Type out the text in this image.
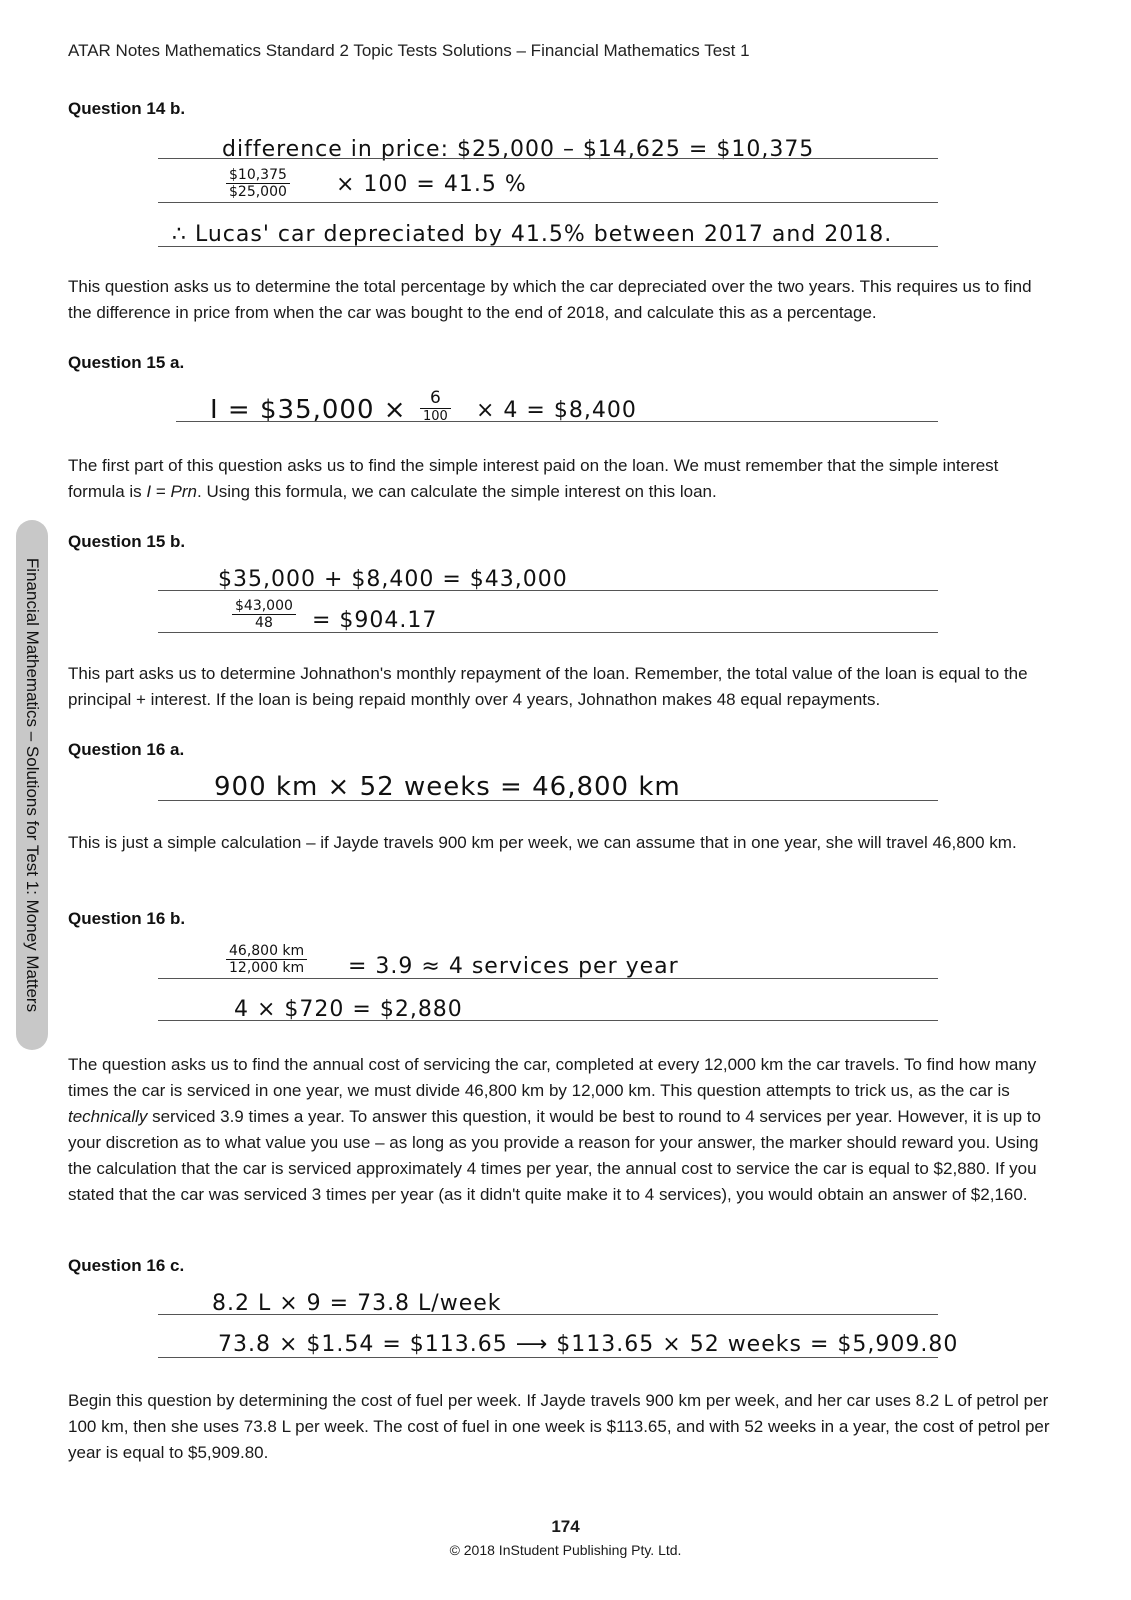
ATAR Notes Mathematics Standard 2 Topic Tests Solutions – Financial Mathematics Test 1
Financial Mathematics – Solutions for Test 1: Money Matters
Question 14 b.
difference in price: $25,000 – $14,625 = $10,375
$\frac{\$10,375}{\$25,000} \times 100 = 41.5$ %
∴ Lucas' car depreciated by 41.5% between 2017 and 2018.
This question asks us to determine the total percentage by which the car depreciated over the two years. This requires us to find the difference in price from when the car was bought to the end of 2018, and calculate this as a percentage.
Question 15 a.
I = $35,000 ×	6
100 × 4 = $8,400
The first part of this question asks us to find the simple interest paid on the loan. We must remember that the simple interest formula is I = Prn. Using this formula, we can calculate the simple interest on this loan.
Question 15 b.
$35,000 + $8,400 = $43,000
$\frac{\$43,000}{48}$ = $904.17
This part asks us to determine Johnathon's monthly repayment of the loan. Remember, the total value of the loan is equal to the principal + interest. If the loan is being repaid monthly over 4 years, Johnathon makes 48 equal repayments.
Question 16 a.
900 km × 52 weeks = 46,800 km
This is just a simple calculation – if Jayde travels 900 km per week, we can assume that in one year, she will travel 46,800 km.
Question 16 b.
$\frac{46,800 km}{12,000 km} = 3.9 \approx 4$ services per year
4 × $720 = $2,880
The question asks us to find the annual cost of servicing the car, completed at every 12,000 km the car travels. To find how many times the car is serviced in one year, we must divide 46,800 km by 12,000 km. This question attempts to trick us, as the car is technically serviced 3.9 times a year. To answer this question, it would be best to round to 4 services per year. However, it is up to your discretion as to what value you use – as long as you provide a reason for your answer, the marker should reward you. Using the calculation that the car is serviced approximately 4 times per year, the annual cost to service the car is equal to $2,880. If you stated that the car was serviced 3 times per year (as it didn't quite make it to 4 services), you would obtain an answer of $2,160.
Question 16 c.
8.2 L × 9 = 73.8 L/week
73.8 × $1.54 = $113.65 ⟶ $113.65 × 52 weeks = $5,909.80
Begin this question by determining the cost of fuel per week. If Jayde travels 900 km per week, and her car uses 8.2 L of petrol per 100 km, then she uses 73.8 L per week. The cost of fuel in one week is $113.65, and with 52 weeks in a year, the cost of petrol per year is equal to $5,909.80.
174
© 2018 InStudent Publishing Pty. Ltd.
